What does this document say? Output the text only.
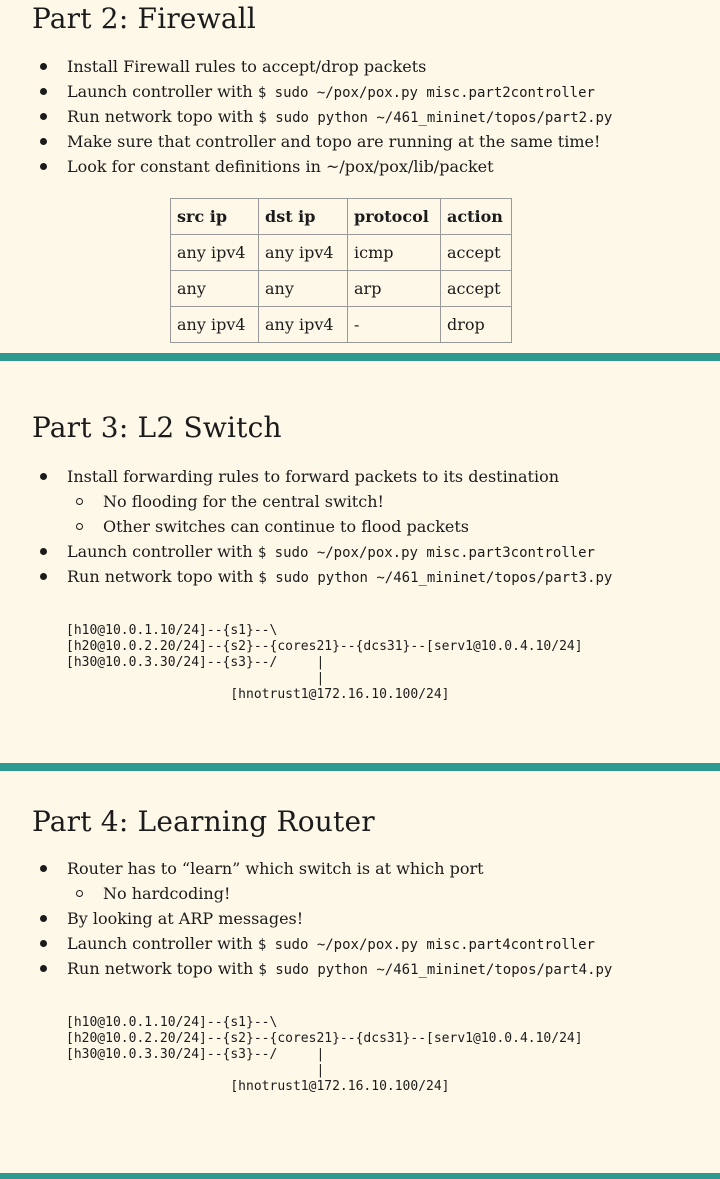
Part 2: Firewall
Install Firewall rules to accept/drop packets
Launch controller with $ sudo ~/pox/pox.py misc.part2controller
Run network topo with $ sudo python ~/461_mininet/topos/part2.py
Make sure that controller and topo are running at the same time!
Look for constant definitions in ~/pox/pox/lib/packet
src ip	dst ip	protocol	action
any ipv4	any ipv4	icmp	accept
any	any	arp	accept
any ipv4	any ipv4	-	drop
Part 3: L2 Switch
Install forwarding rules to forward packets to its destination
No flooding for the central switch!
Other switches can continue to flood packets
Launch controller with $ sudo ~/pox/pox.py misc.part3controller
Run network topo with $ sudo python ~/461_mininet/topos/part3.py
[h10@10.0.1.10/24]--{s1}--\
[h20@10.0.2.20/24]--{s2}--{cores21}--{dcs31}--[serv1@10.0.4.10/24]
[h30@10.0.3.30/24]--{s3}--/     |
|
[hnotrust1@172.16.10.100/24]
Part 4: Learning Router
Router has to “learn” which switch is at which port
No hardcoding!
By looking at ARP messages!
Launch controller with $ sudo ~/pox/pox.py misc.part4controller
Run network topo with $ sudo python ~/461_mininet/topos/part4.py
[h10@10.0.1.10/24]--{s1}--\
[h20@10.0.2.20/24]--{s2}--{cores21}--{dcs31}--[serv1@10.0.4.10/24]
[h30@10.0.3.30/24]--{s3}--/     |
|
[hnotrust1@172.16.10.100/24]
